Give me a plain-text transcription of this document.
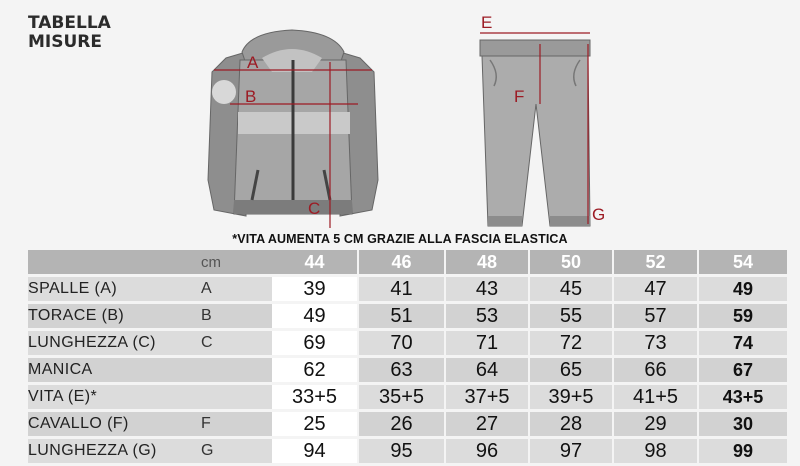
TABELLA
MISURE
A
B
C
E
F
G
*VITA AUMENTA 5 CM GRAZIE ALLA FASCIA ELASTICA
	cm	44	46	48	50	52	54
SPALLE (A)	A	39	41	43	45	47	49
TORACE (B)	B	49	51	53	55	57	59
LUNGHEZZA (C)	C	69	70	71	72	73	74
MANICA		62	63	64	65	66	67
VITA (E)*		33+5	35+5	37+5	39+5	41+5	43+5
CAVALLO (F)	F	25	26	27	28	29	30
LUNGHEZZA (G)	G	94	95	96	97	98	99
